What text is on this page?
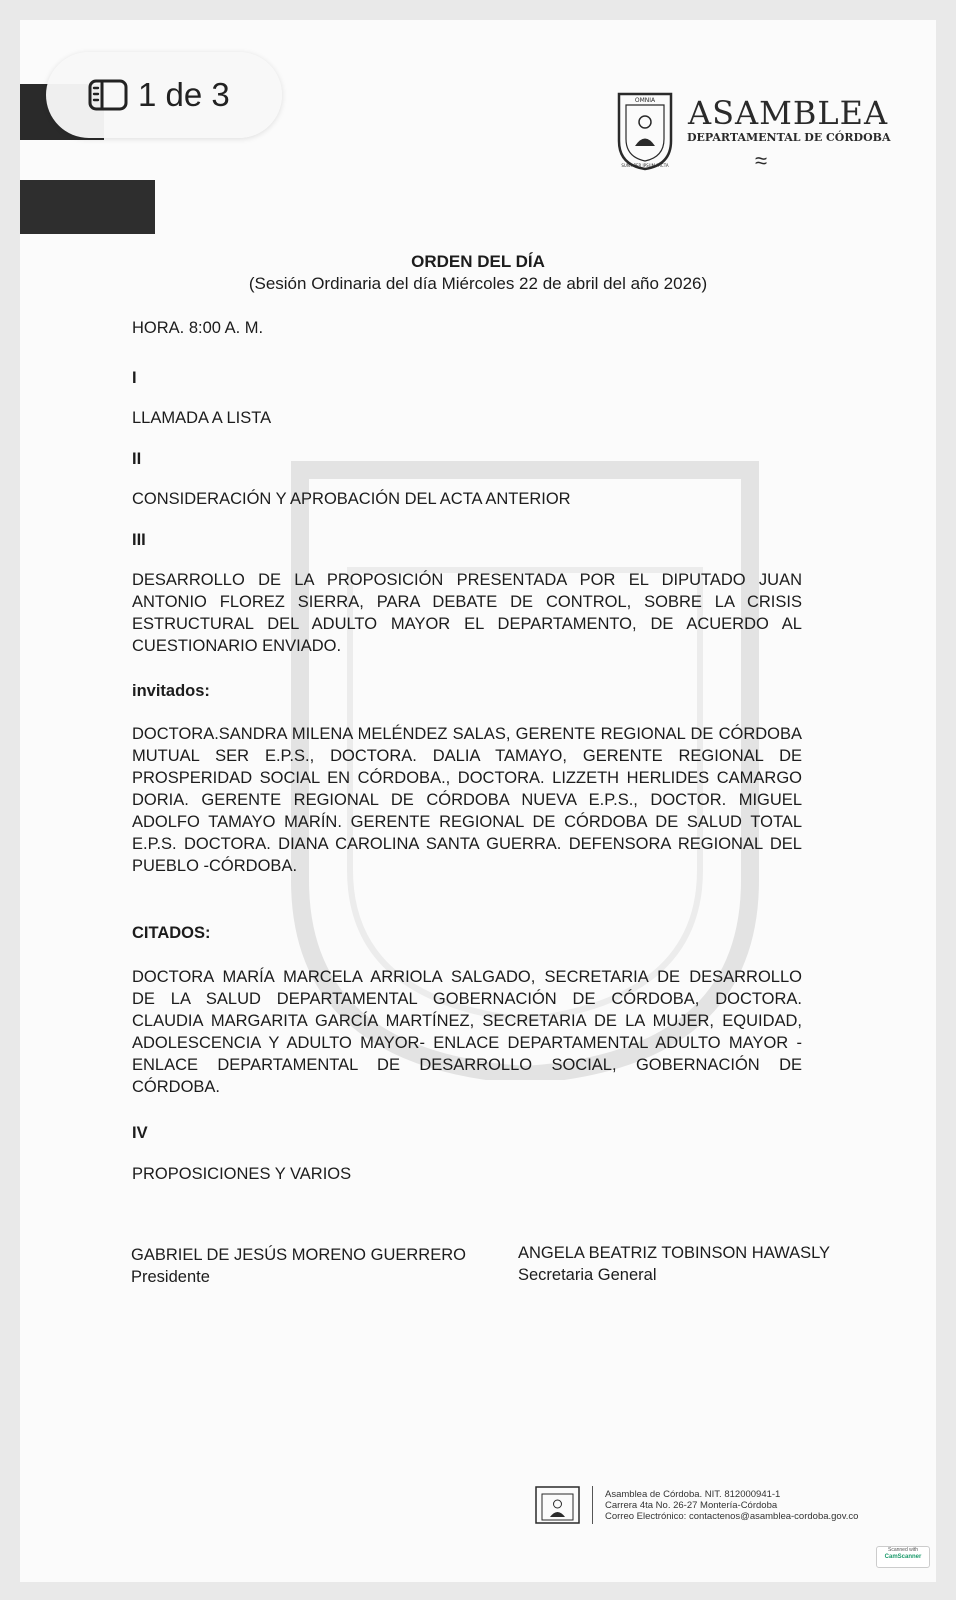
OMNIA
SUNT PER IPSUM FACTA
ASAMBLEA
DEPARTAMENTAL DE CÓRDOBA
≈
ORDEN DEL DÍA
(Sesión Ordinaria del día Miércoles 22 de abril del año 2026)
HORA. 8:00 A. M.
I
LLAMADA A LISTA
II
CONSIDERACIÓN Y APROBACIÓN DEL ACTA ANTERIOR
III
DESARROLLO DE LA PROPOSICIÓN PRESENTADA POR EL DIPUTADO JUAN
ANTONIO FLOREZ SIERRA, PARA DEBATE DE CONTROL, SOBRE LA CRISIS
ESTRUCTURAL DEL ADULTO MAYOR EL DEPARTAMENTO, DE ACUERDO AL
CUESTIONARIO ENVIADO.
invitados:
DOCTORA.SANDRA MILENA MELÉNDEZ SALAS, GERENTE REGIONAL DE CÓRDOBA
MUTUAL SER E.P.S., DOCTORA. DALIA TAMAYO, GERENTE REGIONAL DE
PROSPERIDAD SOCIAL EN CÓRDOBA., DOCTORA. LIZZETH HERLIDES CAMARGO
DORIA. GERENTE REGIONAL DE CÓRDOBA NUEVA E.P.S., DOCTOR. MIGUEL
ADOLFO TAMAYO MARÍN. GERENTE REGIONAL DE CÓRDOBA DE SALUD TOTAL
E.P.S. DOCTORA. DIANA CAROLINA SANTA GUERRA. DEFENSORA REGIONAL DEL
PUEBLO -CÓRDOBA.
CITADOS:
DOCTORA MARÍA MARCELA ARRIOLA SALGADO, SECRETARIA DE DESARROLLO
DE LA SALUD DEPARTAMENTAL GOBERNACIÓN DE CÓRDOBA, DOCTORA.
CLAUDIA MARGARITA GARCÍA MARTÍNEZ, SECRETARIA DE LA MUJER, EQUIDAD,
ADOLESCENCIA Y ADULTO MAYOR- ENLACE DEPARTAMENTAL ADULTO MAYOR -
ENLACE DEPARTAMENTAL DE DESARROLLO SOCIAL, GOBERNACIÓN DE
CÓRDOBA.
IV
PROPOSICIONES Y VARIOS
GABRIEL DE JESÚS MORENO GUERRERO
Presidente
ANGELA BEATRIZ TOBINSON HAWASLY
Secretaria General
Asamblea de Córdoba. NIT. 812000941-1
Carrera 4ta No. 26-27 Montería-Córdoba
Correo Electrónico: contactenos@asamblea-cordoba.gov.co
Scanned with
CamScanner
1 de 3
